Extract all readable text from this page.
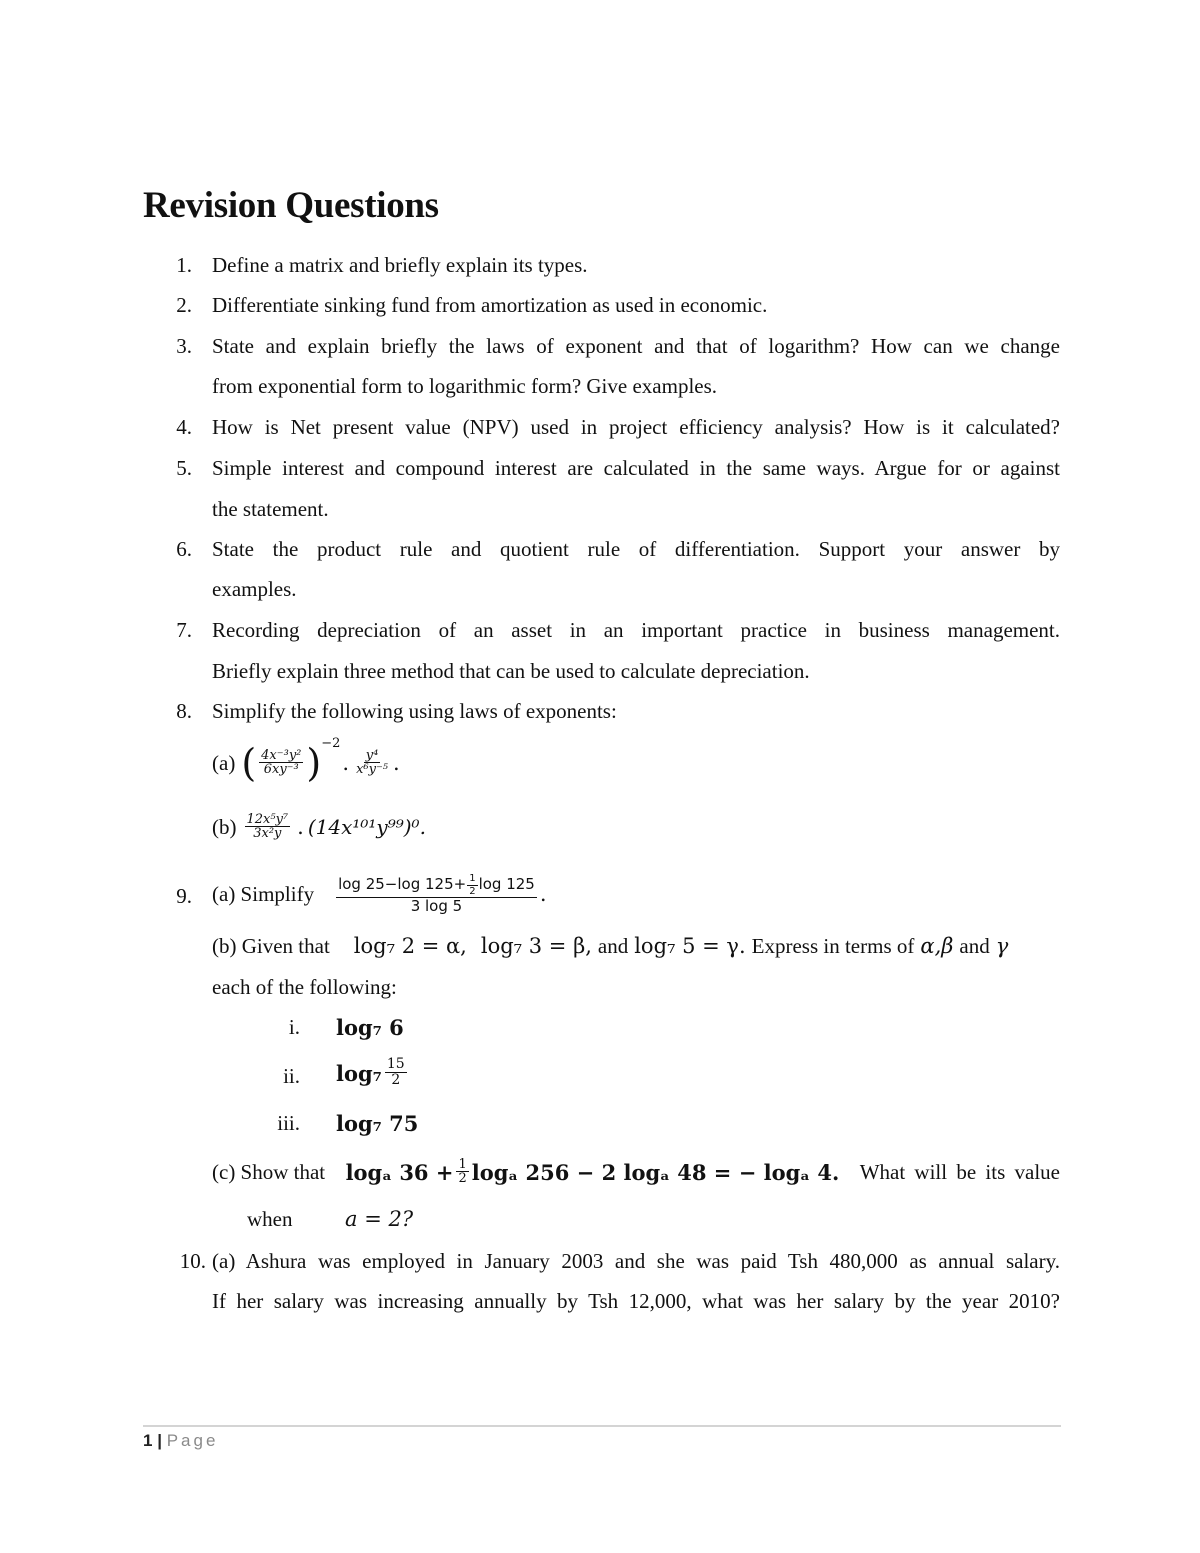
Revision Questions
1. Define a matrix and briefly explain its types.
2. Differentiate sinking fund from amortization as used in economic.
3. State and explain briefly the laws of exponent and that of logarithm? How can we change
from exponential form to logarithmic form? Give examples.
4. How is Net present value (NPV) used in project efficiency analysis? How is it calculated?
5. Simple interest and compound interest are calculated in the same ways. Argue for or against
the statement.
6. State the product rule and quotient rule of differentiation. Support your answer by
examples.
7. Recording depreciation of an asset in an important practice in business management.
Briefly explain three method that can be used to calculate depreciation.
8. Simplify the following using laws of exponents:
(a) ( $\frac{\text{4x⁻³y²}}{\text{6xy⁻³}}$ ) −2
. $\frac{\text{y⁴}}{\text{x⁶y⁻⁵}}$ .
$(b) \frac{\text{12x⁵y⁷}}{\text{3x²y}}$ . (14x¹⁰¹y⁹⁹)⁰.
9. (a) Simplify log 25−log $125+ \frac{1}{2}$ log 125
3 log 5	.
(b) Given that log₇ 2 = α, log₇ 3 = β, and log₇ 5 = γ. Express in terms of α,β and γ
each of the following:
i. log₇ 6
ii. $\log_7 \frac{15}{2}$
iii. log₇ 75
(c) Show that logₐ $36 + \frac{1}{2}$ logₐ 256 − 2 logₐ 48 = − logₐ 4. What will be its value
when	a = 2?
10. (a) Ashura was employed in January 2003 and she was paid Tsh 480,000 as annual salary.
If her salary was increasing annually by Tsh 12,000, what was her salary by the year 2010?
1 | Page
